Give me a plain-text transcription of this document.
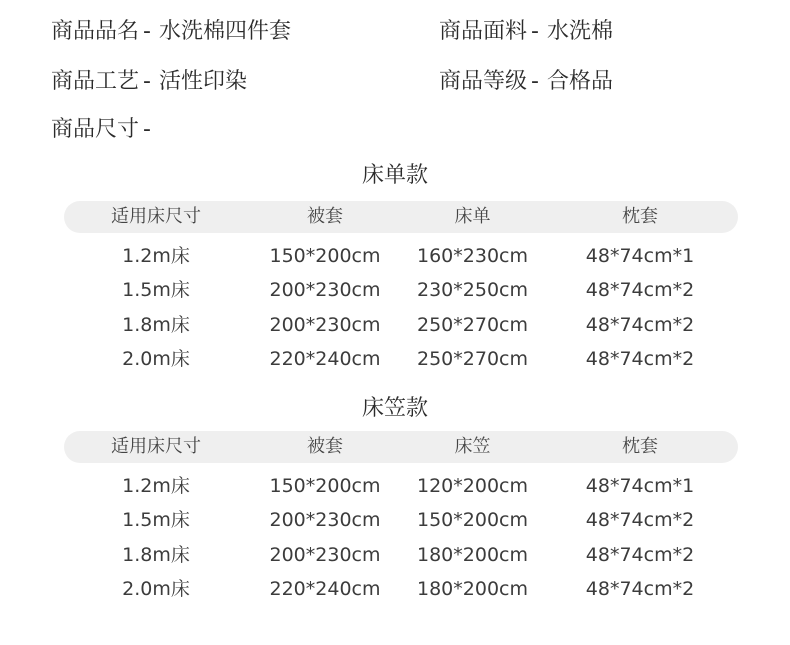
商品品名 - 水洗棉四件套	商品面料 - 水洗棉
商品工艺 - 活性印染	商品等级 - 合格品
商品尺寸 -
床单款
适用床尺寸	被套	床单	枕套
1.2m床	150*200cm	160*230cm	48*74cm*1
1.5m床	200*230cm	230*250cm	48*74cm*2
1.8m床	200*230cm	250*270cm	48*74cm*2
2.0m床	220*240cm	250*270cm	48*74cm*2
床笠款
适用床尺寸	被套	床笠	枕套
1.2m床	150*200cm	120*200cm	48*74cm*1
1.5m床	200*230cm	150*200cm	48*74cm*2
1.8m床	200*230cm	180*200cm	48*74cm*2
2.0m床	220*240cm	180*200cm	48*74cm*2
